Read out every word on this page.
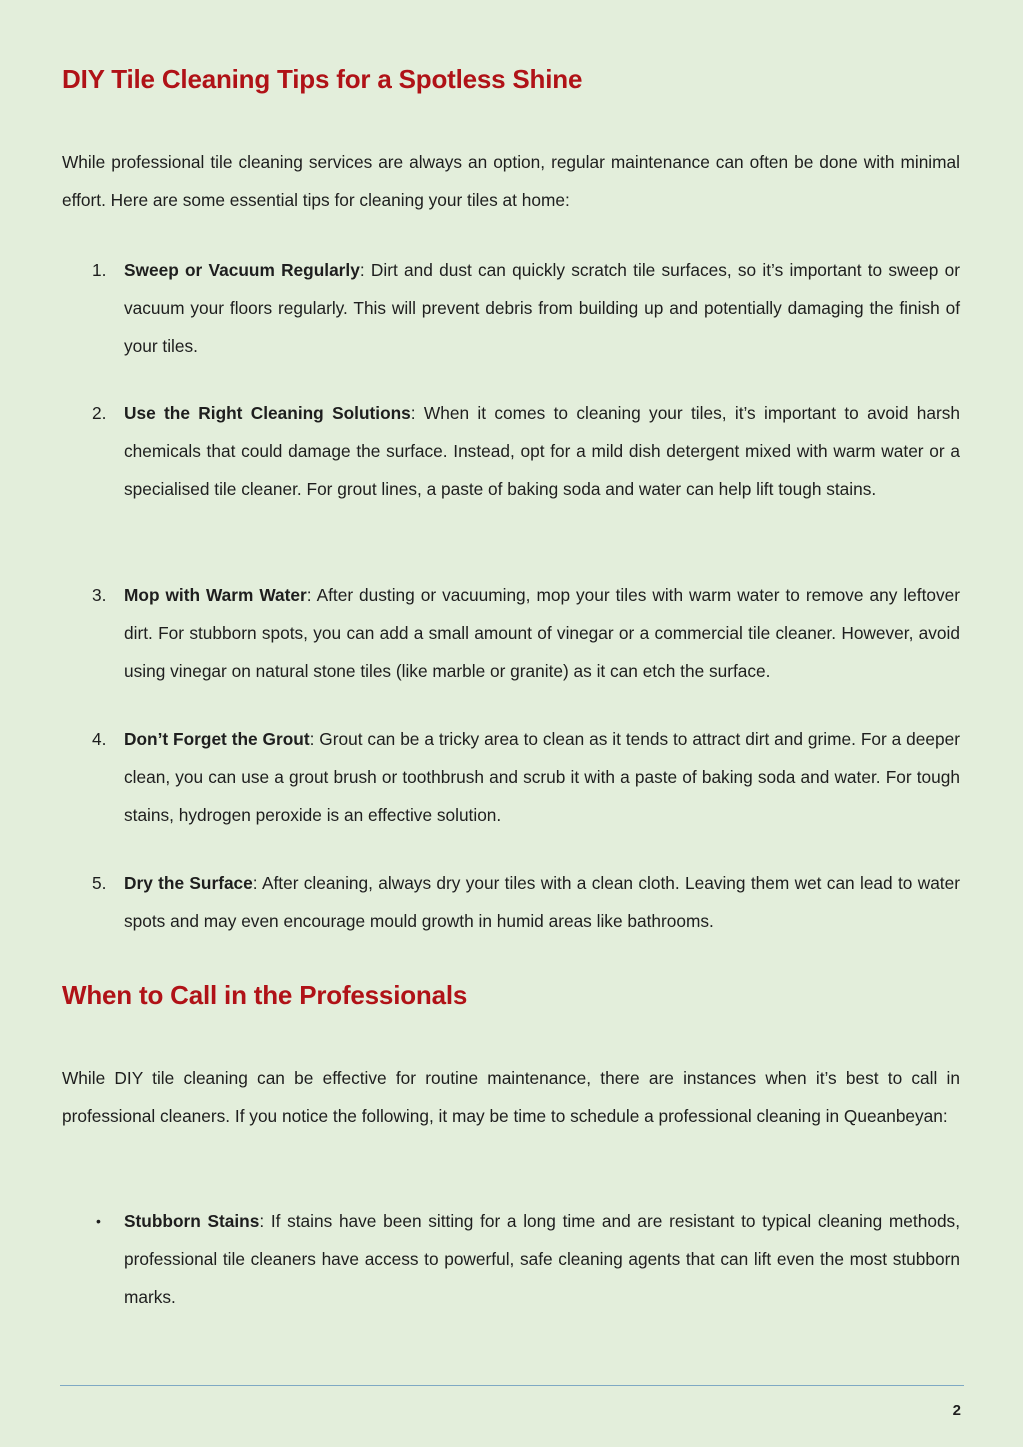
DIY Tile Cleaning Tips for a Spotless Shine

While professional tile cleaning services are always an option, regular maintenance can often be done with minimal effort. Here are some essential tips for cleaning your tiles at home:

1. Sweep or Vacuum Regularly: Dirt and dust can quickly scratch tile surfaces, so it’s important to sweep or vacuum your floors regularly. This will prevent debris from building up and potentially damaging the finish of your tiles.
2. Use the Right Cleaning Solutions: When it comes to cleaning your tiles, it’s important to avoid harsh chemicals that could damage the surface. Instead, opt for a mild dish detergent mixed with warm water or a specialised tile cleaner. For grout lines, a paste of baking soda and water can help lift tough stains.
3. Mop with Warm Water: After dusting or vacuuming, mop your tiles with warm water to remove any leftover dirt. For stubborn spots, you can add a small amount of vinegar or a commercial tile cleaner. However, avoid using vinegar on natural stone tiles (like marble or granite) as it can etch the surface.
4. Don’t Forget the Grout: Grout can be a tricky area to clean as it tends to attract dirt and grime. For a deeper clean, you can use a grout brush or toothbrush and scrub it with a paste of baking soda and water. For tough stains, hydrogen peroxide is an effective solution.
5. Dry the Surface: After cleaning, always dry your tiles with a clean cloth. Leaving them wet can lead to water spots and may even encourage mould growth in humid areas like bathrooms.
When to Call in the Professionals

While DIY tile cleaning can be effective for routine maintenance, there are instances when it’s best to call in professional cleaners. If you notice the following, it may be time to schedule a professional cleaning in Queanbeyan:

• Stubborn Stains: If stains have been sitting for a long time and are resistant to typical cleaning methods, professional tile cleaners have access to powerful, safe cleaning agents that can lift even the most stubborn marks.
2
